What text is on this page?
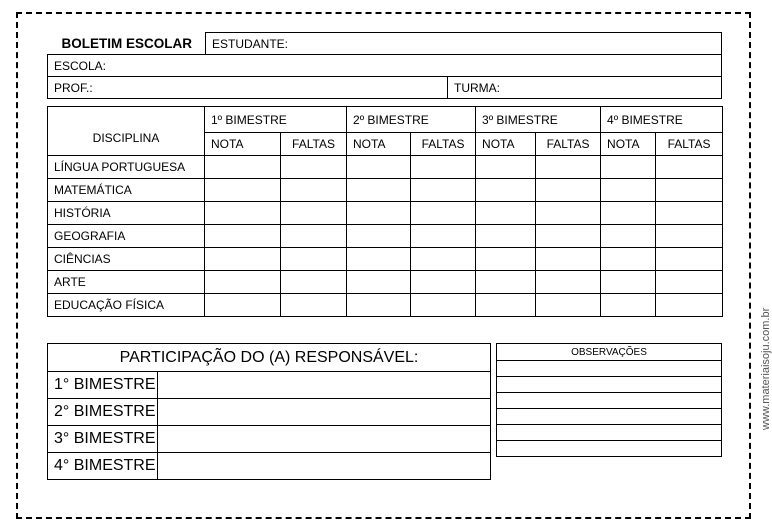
BOLETIM ESCOLAR	ESTUDANTE:	
ESCOLA:		
PROF.:		TURMA:
DISCIPLINA	1º BIMESTRE		2º BIMESTRE		3º BIMESTRE		4º BIMESTRE	
	NOTA	FALTAS	NOTA	FALTAS	NOTA	FALTAS	NOTA	FALTAS
LÍNGUA PORTUGUESA								
MATEMÁTICA								
HISTÓRIA								
GEOGRAFIA								
CIÊNCIAS								
ARTE								
EDUCAÇÃO FÍSICA								
PARTICIPAÇÃO DO (A) RESPONSÁVEL:	
1° BIMESTRE	
2° BIMESTRE	
3° BIMESTRE	
4° BIMESTRE	
OBSERVAÇÕES	www.materiaisoju.com.br
